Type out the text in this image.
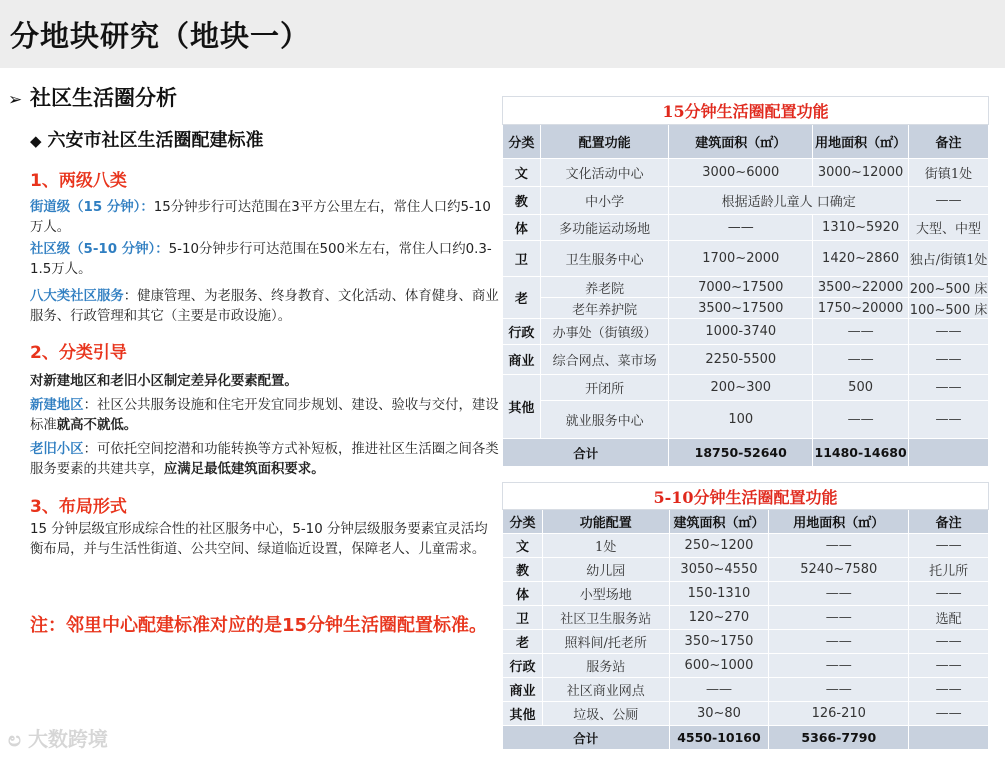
分地块研究（地块一）
➢ 社区生活圈分析
◆ 六安市社区生活圈配建标准
1、两级八类
街道级（15 分钟）：15分钟步行可达范围在3平方公里左右，常住人口约5-10万人。
社区级（5-10 分钟）：5-10分钟步行可达范围在500米左右，常住人口约0.3-1.5万人。
八大类社区服务：健康管理、为老服务、终身教育、文化活动、体育健身、商业服务、行政管理和其它（主要是市政设施）。
2、分类引导
对新建地区和老旧小区制定差异化要素配置。
新建地区：社区公共服务设施和住宅开发宜同步规划、建设、验收与交付，建设标准就高不就低。
老旧小区：可依托空间挖潜和功能转换等方式补短板，推进社区生活圈之间各类服务要素的共建共享，应满足最低建筑面积要求。
3、布局形式
15 分钟层级宜形成综合性的社区服务中心，5-10 分钟层级服务要素宜灵活均衡布局，并与生活性街道、公共空间、绿道临近设置，保障老人、儿童需求。
注：邻里中心配建标准对应的是15分钟生活圈配置标准。
ಲ 大数跨境
15分钟生活圈配置功能				
分类	配置功能	建筑面积（㎡）	用地面积（㎡）	备注
文	文化活动中心	3000~6000	3000~12000	街镇1处
教	中小学	根据适龄儿童人 口确定		——
体	多功能运动场地	——	1310~5920	大型、中型
卫	卫生服务中心	1700~2000	1420~2860	独占/街镇1处
老	养老院	7000~17500	3500~22000	200~500 床
	老年养护院	3500~17500	1750~20000	100~500 床
行政	办事处（街镇级）	1000-3740	——	——
商业	综合网点、菜市场	2250-5500	——	——
其他	开闭所	200~300	500	——
	就业服务中心	100	——	——
合计		18750-52640	11480-14680	
5-10分钟生活圈配置功能				
分类	功能配置	建筑面积（㎡）	用地面积（㎡）	备注
文	1处	250~1200	——	——
教	幼儿园	3050~4550	5240~7580	托儿所
体	小型场地	150-1310	——	——
卫	社区卫生服务站	120~270	——	选配
老	照料间/托老所	350~1750	——	——
行政	服务站	600~1000	——	——
商业	社区商业网点	——	——	——
其他	垃圾、公厕	30~80	126-210	——
合计		4550-10160	5366-7790	
